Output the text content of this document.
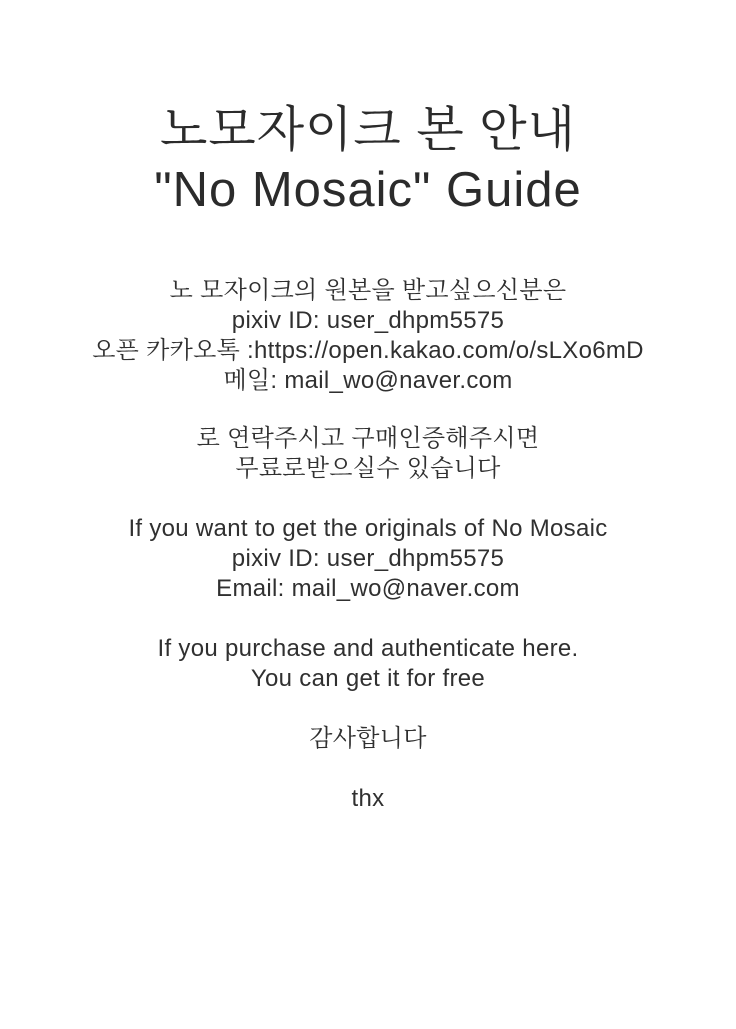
노모자이크 본 안내
"No Mosaic" Guide
노 모자이크의 원본을 받고싶으신분은
pixiv ID: user_dhpm5575
오픈 카카오톡 :https://open.kakao.com/o/sLXo6mD
메일: mail_wo@naver.com
로 연락주시고 구매인증해주시면
무료로받으실수 있습니다
If you want to get the originals of No Mosaic
pixiv ID: user_dhpm5575
Email: mail_wo@naver.com
If you purchase and authenticate here.
You can get it for free
감사합니다
thx
